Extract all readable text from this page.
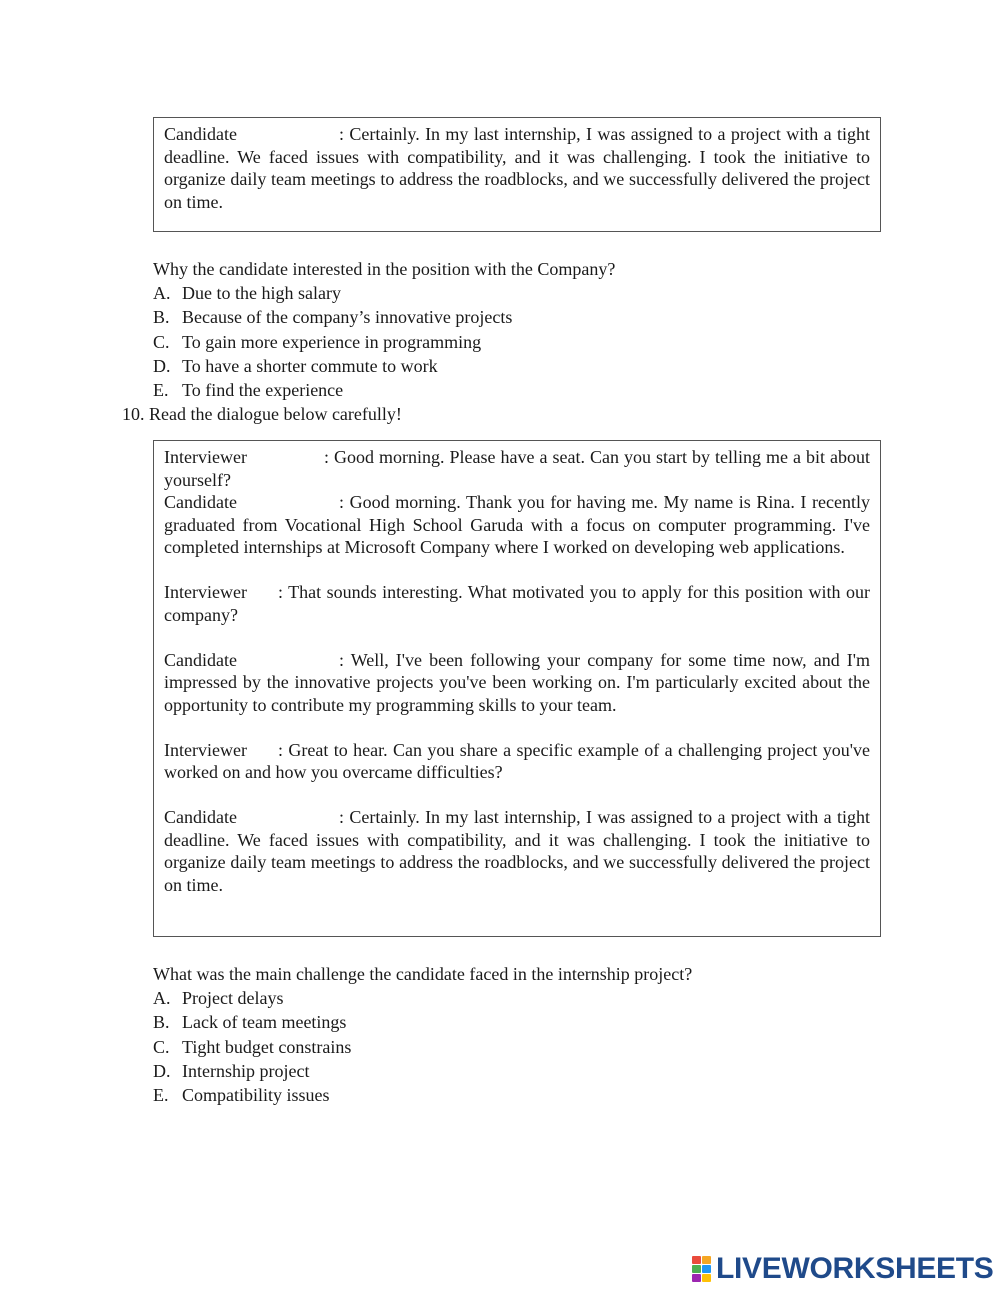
Candidate	: Certainly. In my last internship, I was assigned to a project with a tight deadline. We faced issues with compatibility, and it was challenging. I took the initiative to organize daily team meetings to address the roadblocks, and we successfully delivered the project on time.

Why the candidate interested in the position with the Company?
A. Due to the high salary
B. Because of the company’s innovative projects
C. To gain more experience in programming
D. To have a shorter commute to work
E. To find the experience
10. Read the dialogue below carefully!

Interviewer	: Good morning. Please have a seat. Can you start by telling me a bit about yourself?

Candidate	: Good morning. Thank you for having me. My name is Rina. I recently graduated from Vocational High School Garuda with a focus on computer programming. I've completed internships at Microsoft Company where I worked on developing web applications.

Interviewer : That sounds interesting. What motivated you to apply for this position with our company?

Candidate	: Well, I've been following your company for some time now, and I'm impressed by the innovative projects you've been working on. I'm particularly excited about the opportunity to contribute my programming skills to your team.

Interviewer : Great to hear. Can you share a specific example of a challenging project you've worked on and how you overcame difficulties?

Candidate	: Certainly. In my last internship, I was assigned to a project with a tight deadline. We faced issues with compatibility, and it was challenging. I took the initiative to organize daily team meetings to address the roadblocks, and we successfully delivered the project on time.

What was the main challenge the candidate faced in the internship project?
A. Project delays
B. Lack of team meetings
C. Tight budget constrains
D. Internship project
E. Compatibility issues
LIVEWORKSHEETS
